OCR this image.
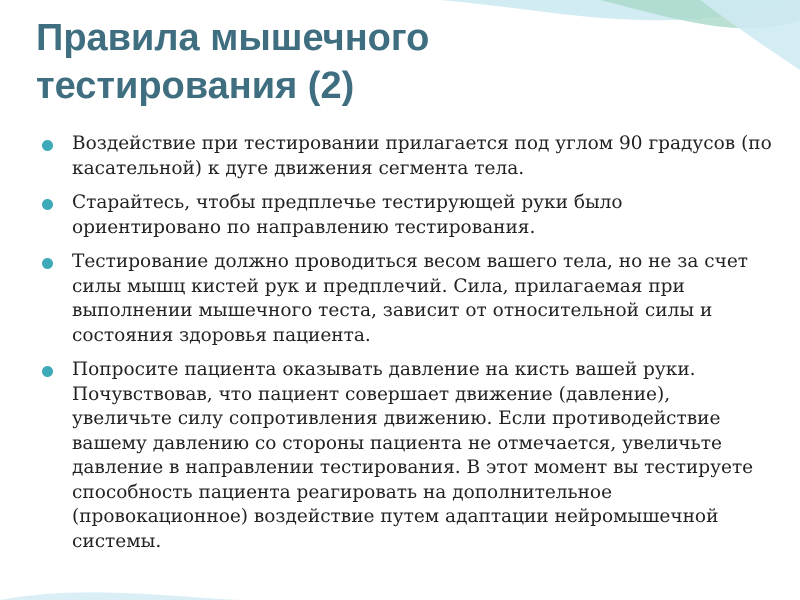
Правила мышечного
тестирования (2)
Воздействие при тестировании прилагается под углом 90 градусов (по касательной) к дуге движения сегмента тела.
Старайтесь, чтобы предплечье тестирующей руки было ориентировано по направлению тестирования.
Тестирование должно проводиться весом вашего тела, но не за счет силы мышц кистей рук и предплечий. Сила, прилагаемая при выполнении мышечного теста, зависит от относительной силы и состояния здоровья пациента.
Попросите пациента оказывать давление на кисть вашей руки. Почувствовав, что пациент совершает движение (давление), увеличьте силу сопротивления движению. Если противодействие вашему давлению со стороны пациента не отмечается, увеличьте давление в направлении тестирования. В этот момент вы тестируете способность пациента реагировать на дополнительное (провокационное) воздействие путем адаптации нейромышечной системы.
